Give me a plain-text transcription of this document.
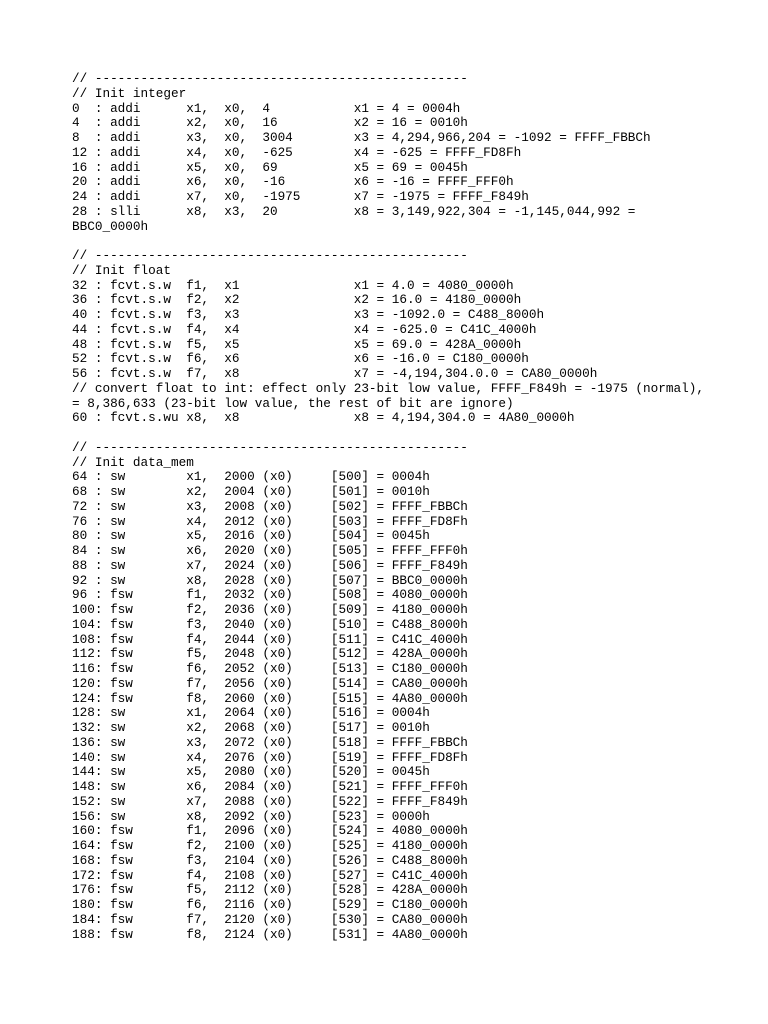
// -------------------------------------------------
// Init integer
0  : addi      x1,  x0,  4           x1 = 4 = 0004h
4  : addi      x2,  x0,  16          x2 = 16 = 0010h
8  : addi      x3,  x0,  3004        x3 = 4,294,966,204 = -1092 = FFFF_FBBCh
12 : addi      x4,  x0,  -625        x4 = -625 = FFFF_FD8Fh
16 : addi      x5,  x0,  69          x5 = 69 = 0045h
20 : addi      x6,  x0,  -16         x6 = -16 = FFFF_FFF0h
24 : addi      x7,  x0,  -1975       x7 = -1975 = FFFF_F849h
28 : slli      x8,  x3,  20          x8 = 3,149,922,304 = -1,145,044,992 =
BBC0_0000h
// -------------------------------------------------
// Init float
32 : fcvt.s.w  f1,  x1               x1 = 4.0 = 4080_0000h
36 : fcvt.s.w  f2,  x2               x2 = 16.0 = 4180_0000h
40 : fcvt.s.w  f3,  x3               x3 = -1092.0 = C488_8000h
44 : fcvt.s.w  f4,  x4               x4 = -625.0 = C41C_4000h
48 : fcvt.s.w  f5,  x5               x5 = 69.0 = 428A_0000h
52 : fcvt.s.w  f6,  x6               x6 = -16.0 = C180_0000h
56 : fcvt.s.w  f7,  x8               x7 = -4,194,304.0.0 = CA80_0000h
// convert float to int: effect only 23-bit low value, FFFF_F849h = -1975 (normal),
= 8,386,633 (23-bit low value, the rest of bit are ignore)
60 : fcvt.s.wu x8,  x8               x8 = 4,194,304.0 = 4A80_0000h
// -------------------------------------------------
// Init data_mem
64 : sw        x1,  2000 (x0)     [500] = 0004h
68 : sw        x2,  2004 (x0)     [501] = 0010h
72 : sw        x3,  2008 (x0)     [502] = FFFF_FBBCh
76 : sw        x4,  2012 (x0)     [503] = FFFF_FD8Fh
80 : sw        x5,  2016 (x0)     [504] = 0045h
84 : sw        x6,  2020 (x0)     [505] = FFFF_FFF0h
88 : sw        x7,  2024 (x0)     [506] = FFFF_F849h
92 : sw        x8,  2028 (x0)     [507] = BBC0_0000h
96 : fsw       f1,  2032 (x0)     [508] = 4080_0000h
100: fsw       f2,  2036 (x0)     [509] = 4180_0000h
104: fsw       f3,  2040 (x0)     [510] = C488_8000h
108: fsw       f4,  2044 (x0)     [511] = C41C_4000h
112: fsw       f5,  2048 (x0)     [512] = 428A_0000h
116: fsw       f6,  2052 (x0)     [513] = C180_0000h
120: fsw       f7,  2056 (x0)     [514] = CA80_0000h
124: fsw       f8,  2060 (x0)     [515] = 4A80_0000h
128: sw        x1,  2064 (x0)     [516] = 0004h
132: sw        x2,  2068 (x0)     [517] = 0010h
136: sw        x3,  2072 (x0)     [518] = FFFF_FBBCh
140: sw        x4,  2076 (x0)     [519] = FFFF_FD8Fh
144: sw        x5,  2080 (x0)     [520] = 0045h
148: sw        x6,  2084 (x0)     [521] = FFFF_FFF0h
152: sw        x7,  2088 (x0)     [522] = FFFF_F849h
156: sw        x8,  2092 (x0)     [523] = 0000h
160: fsw       f1,  2096 (x0)     [524] = 4080_0000h
164: fsw       f2,  2100 (x0)     [525] = 4180_0000h
168: fsw       f3,  2104 (x0)     [526] = C488_8000h
172: fsw       f4,  2108 (x0)     [527] = C41C_4000h
176: fsw       f5,  2112 (x0)     [528] = 428A_0000h
180: fsw       f6,  2116 (x0)     [529] = C180_0000h
184: fsw       f7,  2120 (x0)     [530] = CA80_0000h
188: fsw       f8,  2124 (x0)     [531] = 4A80_0000h
